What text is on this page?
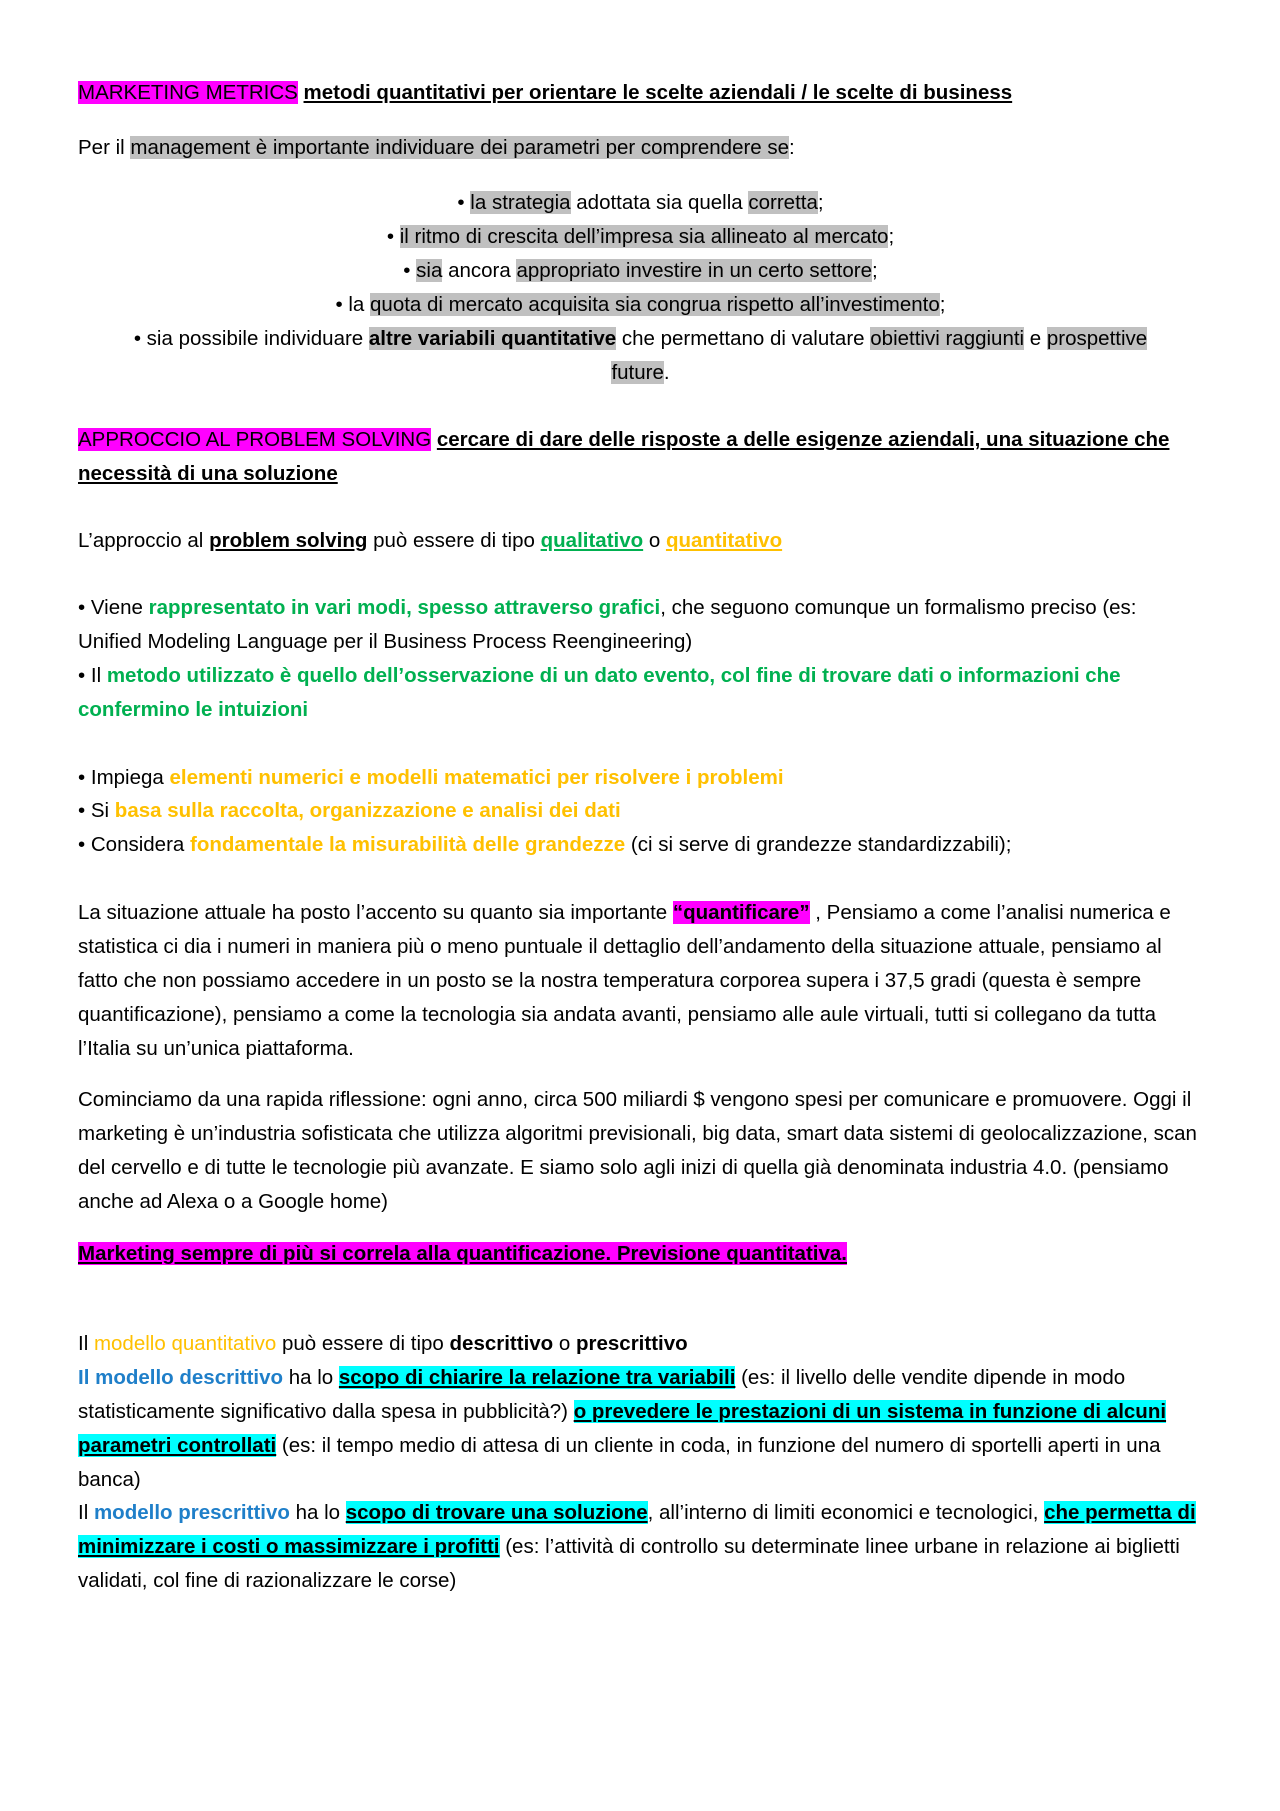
MARKETING METRICS metodi quantitativi per orientare le scelte aziendali / le scelte di business

Per il management è importante individuare dei parametri per comprendere se:

• la strategia adottata sia quella corretta;

• il ritmo di crescita dell’impresa sia allineato al mercato;

• sia ancora appropriato investire in un certo settore;

• la quota di mercato acquisita sia congrua rispetto all’investimento;

• sia possibile individuare altre variabili quantitative che permettano di valutare obiettivi raggiunti e prospettive
future.

APPROCCIO AL PROBLEM SOLVING cercare di dare delle risposte a delle esigenze aziendali, una situazione che necessità di una soluzione

L’approccio al problem solving può essere di tipo qualitativo o quantitativo

• Viene rappresentato in vari modi, spesso attraverso grafici, che seguono comunque un formalismo preciso (es: Unified Modeling Language per il Business Process Reengineering)

• Il metodo utilizzato è quello dell’osservazione di un dato evento, col fine di trovare dati o informazioni che confermino le intuizioni

• Impiega elementi numerici e modelli matematici per risolvere i problemi

• Si basa sulla raccolta, organizzazione e analisi dei dati

• Considera fondamentale la misurabilità delle grandezze (ci si serve di grandezze standardizzabili);

La situazione attuale ha posto l’accento su quanto sia importante “quantificare” , Pensiamo a come l’analisi numerica e statistica ci dia i numeri in maniera più o meno puntuale il dettaglio dell’andamento della situazione attuale, pensiamo al fatto che non possiamo accedere in un posto se la nostra temperatura corporea supera i 37,5 gradi (questa è sempre quantificazione), pensiamo a come la tecnologia sia andata avanti, pensiamo alle aule virtuali, tutti si collegano da tutta l’Italia su un’unica piattaforma.

Cominciamo da una rapida riflessione: ogni anno, circa 500 miliardi $ vengono spesi per comunicare e promuovere. Oggi il marketing è un’industria sofisticata che utilizza algoritmi previsionali, big data, smart data sistemi di geolocalizzazione, scan del cervello e di tutte le tecnologie più avanzate. E siamo solo agli inizi di quella già denominata industria 4.0. (pensiamo anche ad Alexa o a Google home)

Marketing sempre di più si correla alla quantificazione. Previsione quantitativa.

Il modello quantitativo può essere di tipo descrittivo o prescrittivo

Il modello descrittivo ha lo scopo di chiarire la relazione tra variabili (es: il livello delle vendite dipende in modo statisticamente significativo dalla spesa in pubblicità?) o prevedere le prestazioni di un sistema in funzione di alcuni parametri controllati (es: il tempo medio di attesa di un cliente in coda, in funzione del numero di sportelli aperti in una banca)

Il modello prescrittivo ha lo scopo di trovare una soluzione, all’interno di limiti economici e tecnologici, che permetta di minimizzare i costi o massimizzare i profitti (es: l’attività di controllo su determinate linee urbane in relazione ai biglietti validati, col fine di razionalizzare le corse)
